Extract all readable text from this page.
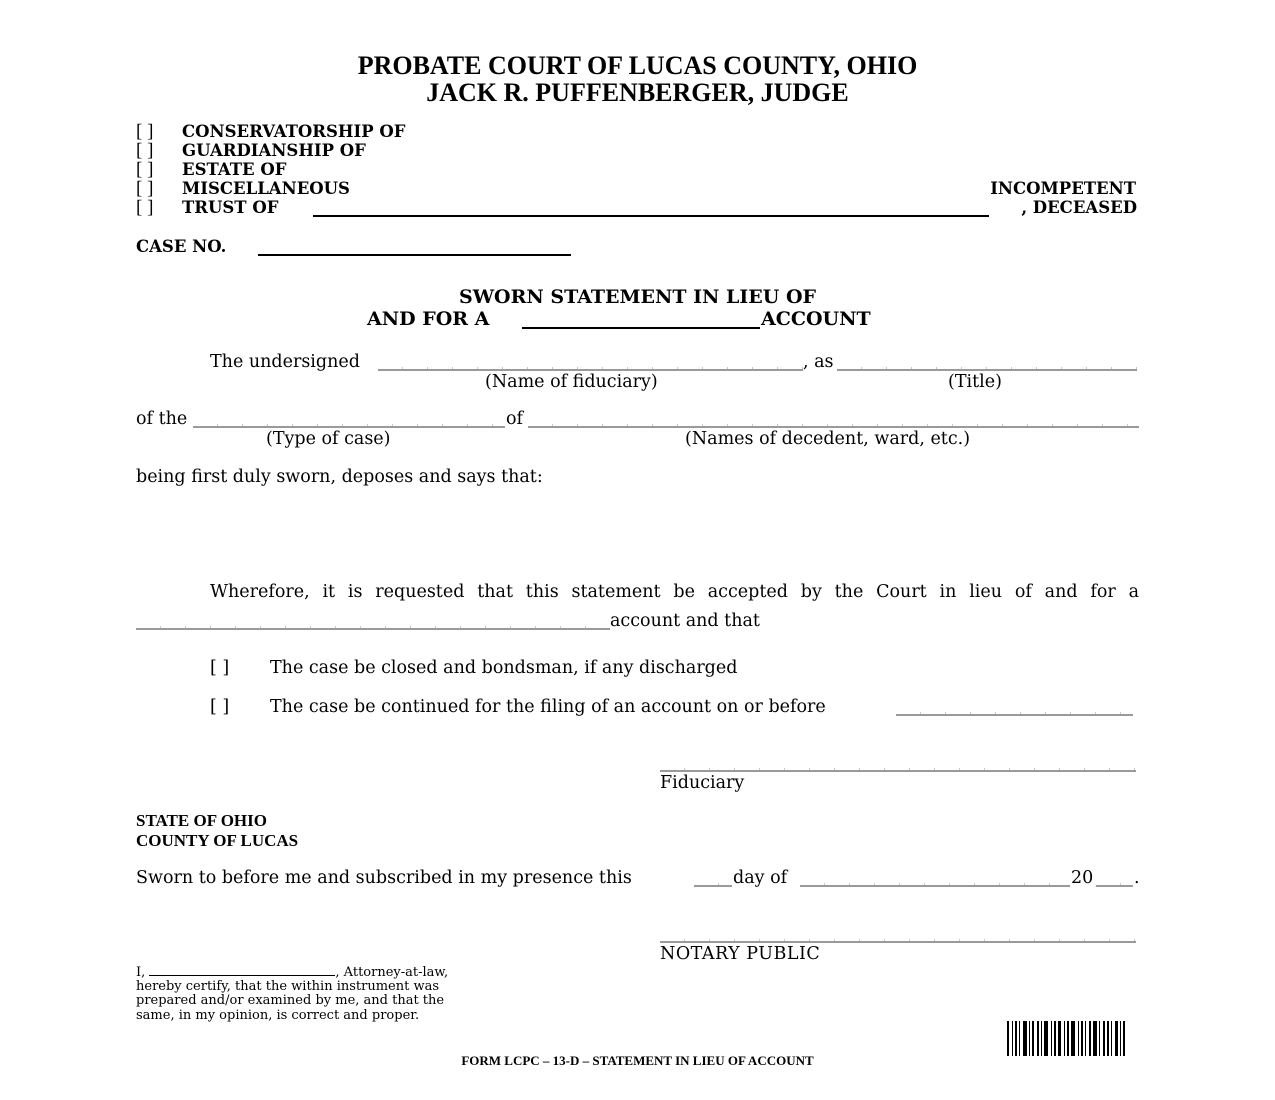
PROBATE COURT OF LUCAS COUNTY, OHIO
JACK R. PUFFENBERGER, JUDGE
[ ] CONSERVATORSHIP OF
[ ] GUARDIANSHIP OF
[ ] ESTATE OF
[ ] MISCELLANEOUS
[ ] TRUST OF
INCOMPETENT
, DECEASED
CASE NO.
SWORN STATEMENT IN LIEU OF
AND FOR A	ACCOUNT
The undersigned	, as
(Name of fiduciary)	(Title)
of the	of
(Type of case)	(Names of decedent, ward, etc.)
being first duly sworn, deposes and says that:
Wherefore, it is requested that this statement be accepted by the Court in lieu of and for a
account and that
[ ] The case be closed and bondsman, if any discharged
[ ] The case be continued for the filing of an account on or before
Fiduciary
STATE OF OHIO
COUNTY OF LUCAS
Sworn to before me and subscribed in my presence this	day of	20 .
NOTARY PUBLIC
I,	, Attorney-at-law,
hereby certify, that the within instrument was
prepared and/or examined by me, and that the
same, in my opinion, is correct and proper.
FORM LCPC – 13-D – STATEMENT IN LIEU OF ACCOUNT
